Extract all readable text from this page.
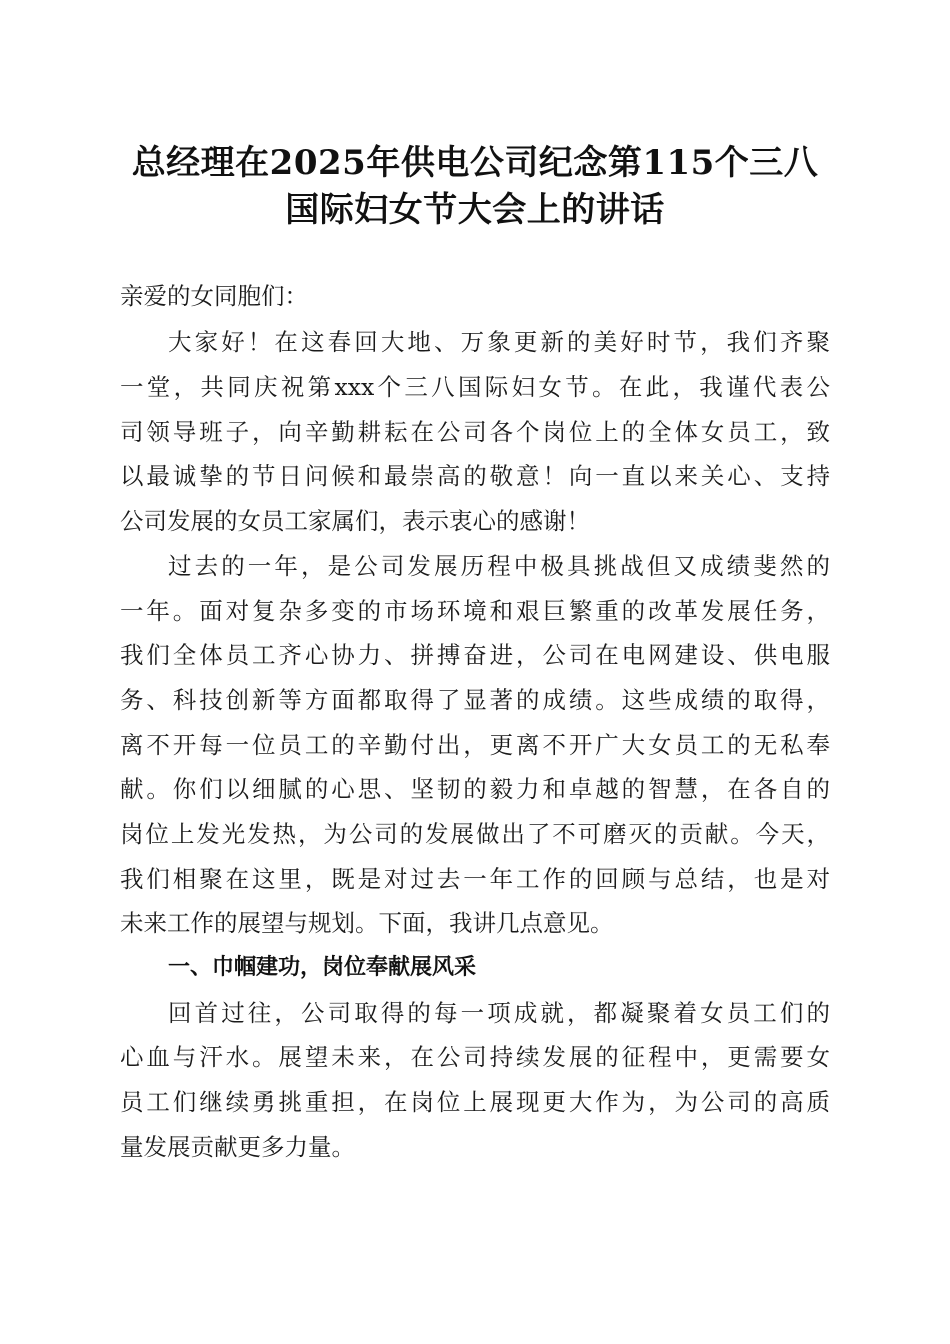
总经理在2025年供电公司纪念第115个三八
国际妇女节大会上的讲话
亲爱的女同胞们：
大家好！在这春回大地、万象更新的美好时节，我们齐聚
一堂，共同庆祝第xxx个三八国际妇女节。在此，我谨代表公
司领导班子，向辛勤耕耘在公司各个岗位上的全体女员工，致
以最诚挚的节日问候和最崇高的敬意！向一直以来关心、支持
公司发展的女员工家属们，表示衷心的感谢！
过去的一年，是公司发展历程中极具挑战但又成绩斐然的
一年。面对复杂多变的市场环境和艰巨繁重的改革发展任务，
我们全体员工齐心协力、拼搏奋进，公司在电网建设、供电服
务、科技创新等方面都取得了显著的成绩。这些成绩的取得，
离不开每一位员工的辛勤付出，更离不开广大女员工的无私奉
献。你们以细腻的心思、坚韧的毅力和卓越的智慧，在各自的
岗位上发光发热，为公司的发展做出了不可磨灭的贡献。今天，
我们相聚在这里，既是对过去一年工作的回顾与总结，也是对
未来工作的展望与规划。下面，我讲几点意见。
一、巾帼建功，岗位奉献展风采
回首过往，公司取得的每一项成就，都凝聚着女员工们的
心血与汗水。展望未来，在公司持续发展的征程中，更需要女
员工们继续勇挑重担，在岗位上展现更大作为，为公司的高质
量发展贡献更多力量。
